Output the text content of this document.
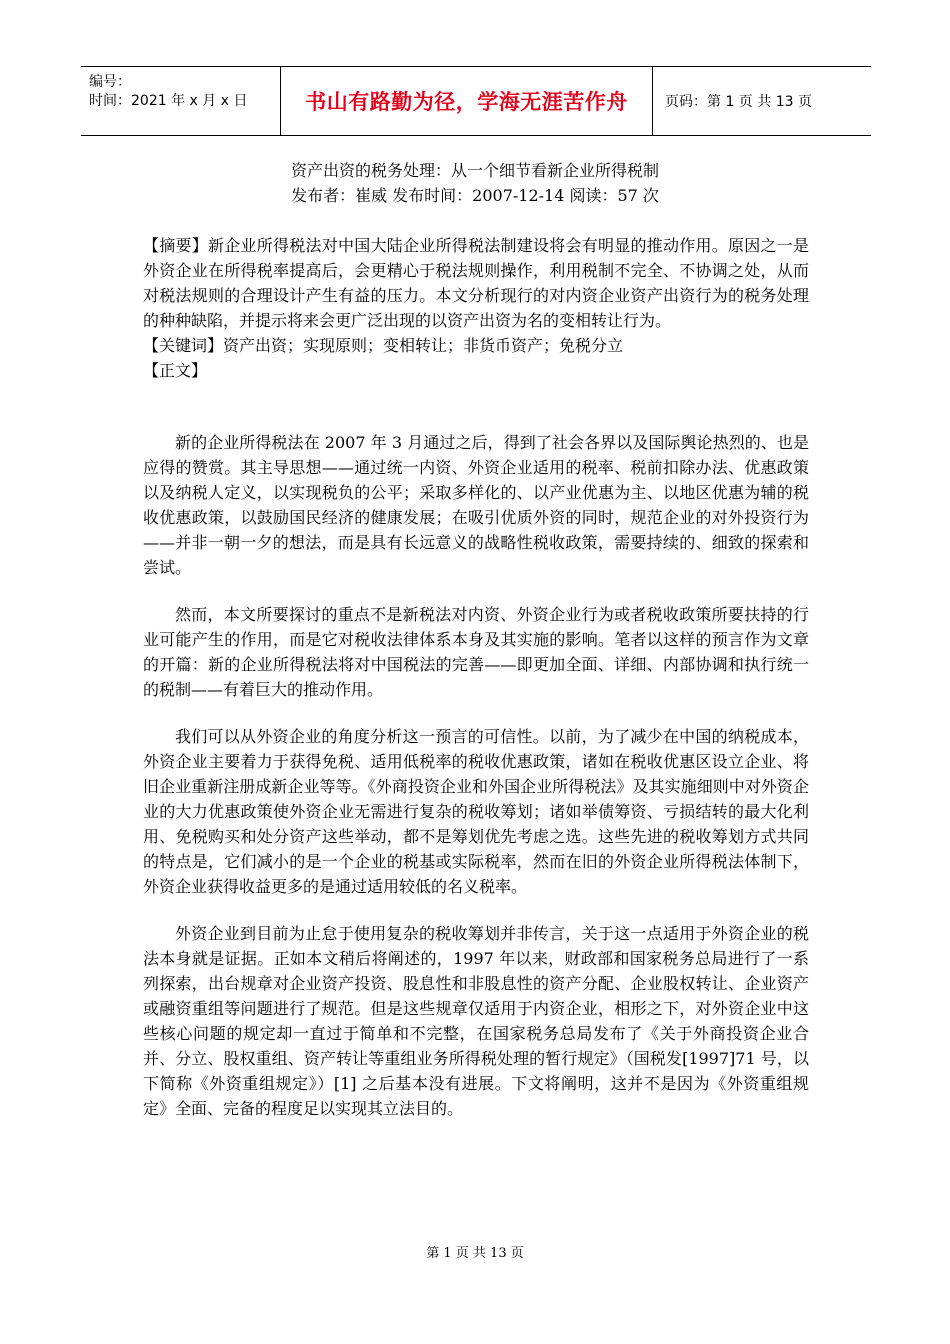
编号：
时间：2021 年 x 月 x 日	书山有路勤为径，学海无涯苦作舟	页码：第 1 页 共 13 页
资产出资的税务处理：从一个细节看新企业所得税制
发布者：崔威 发布时间：2007-12-14 阅读：57 次

【摘要】新企业所得税法对中国大陆企业所得税法制建设将会有明显的推动作用。原因之一是外资企业在所得税率提高后，会更精心于税法规则操作，利用税制不完全、不协调之处，从而对税法规则的合理设计产生有益的压力。本文分析现行的对内资企业资产出资行为的税务处理的种种缺陷，并提示将来会更广泛出现的以资产出资为名的变相转让行为。

【关键词】资产出资；实现原则；变相转让；非货币资产；免税分立

【正文】

新的企业所得税法在 2007 年 3 月通过之后，得到了社会各界以及国际舆论热烈的、也是应得的赞赏。其主导思想——通过统一内资、外资企业适用的税率、税前扣除办法、优惠政策以及纳税人定义，以实现税负的公平；采取多样化的、以产业优惠为主、以地区优惠为辅的税收优惠政策，以鼓励国民经济的健康发展；在吸引优质外资的同时，规范企业的对外投资行为——并非一朝一夕的想法，而是具有长远意义的战略性税收政策，需要持续的、细致的探索和尝试。

然而，本文所要探讨的重点不是新税法对内资、外资企业行为或者税收政策所要扶持的行业可能产生的作用，而是它对税收法律体系本身及其实施的影响。笔者以这样的预言作为文章的开篇：新的企业所得税法将对中国税法的完善——即更加全面、详细、内部协调和执行统一的税制——有着巨大的推动作用。

我们可以从外资企业的角度分析这一预言的可信性。以前，为了减少在中国的纳税成本，外资企业主要着力于获得免税、适用低税率的税收优惠政策，诸如在税收优惠区设立企业、将旧企业重新注册成新企业等等。《外商投资企业和外国企业所得税法》及其实施细则中对外资企业的大力优惠政策使外资企业无需进行复杂的税收筹划；诸如举债筹资、亏损结转的最大化利用、免税购买和处分资产这些举动，都不是筹划优先考虑之选。这些先进的税收筹划方式共同的特点是，它们减小的是一个企业的税基或实际税率，然而在旧的外资企业所得税法体制下，外资企业获得收益更多的是通过适用较低的名义税率。

外资企业到目前为止怠于使用复杂的税收筹划并非传言，关于这一点适用于外资企业的税法本身就是证据。正如本文稍后将阐述的，1997 年以来，财政部和国家税务总局进行了一系列探索，出台规章对企业资产投资、股息性和非股息性的资产分配、企业股权转让、企业资产或融资重组等问题进行了规范。但是这些规章仅适用于内资企业，相形之下，对外资企业中这些核心问题的规定却一直过于简单和不完整，在国家税务总局发布了《关于外商投资企业合并、分立、股权重组、资产转让等重组业务所得税处理的暂行规定》（国税发[1997]71 号，以下简称《外资重组规定》）[1] 之后基本没有进展。下文将阐明，这并不是因为《外资重组规定》全面、完备的程度足以实现其立法目的。

第 1 页 共 13 页
